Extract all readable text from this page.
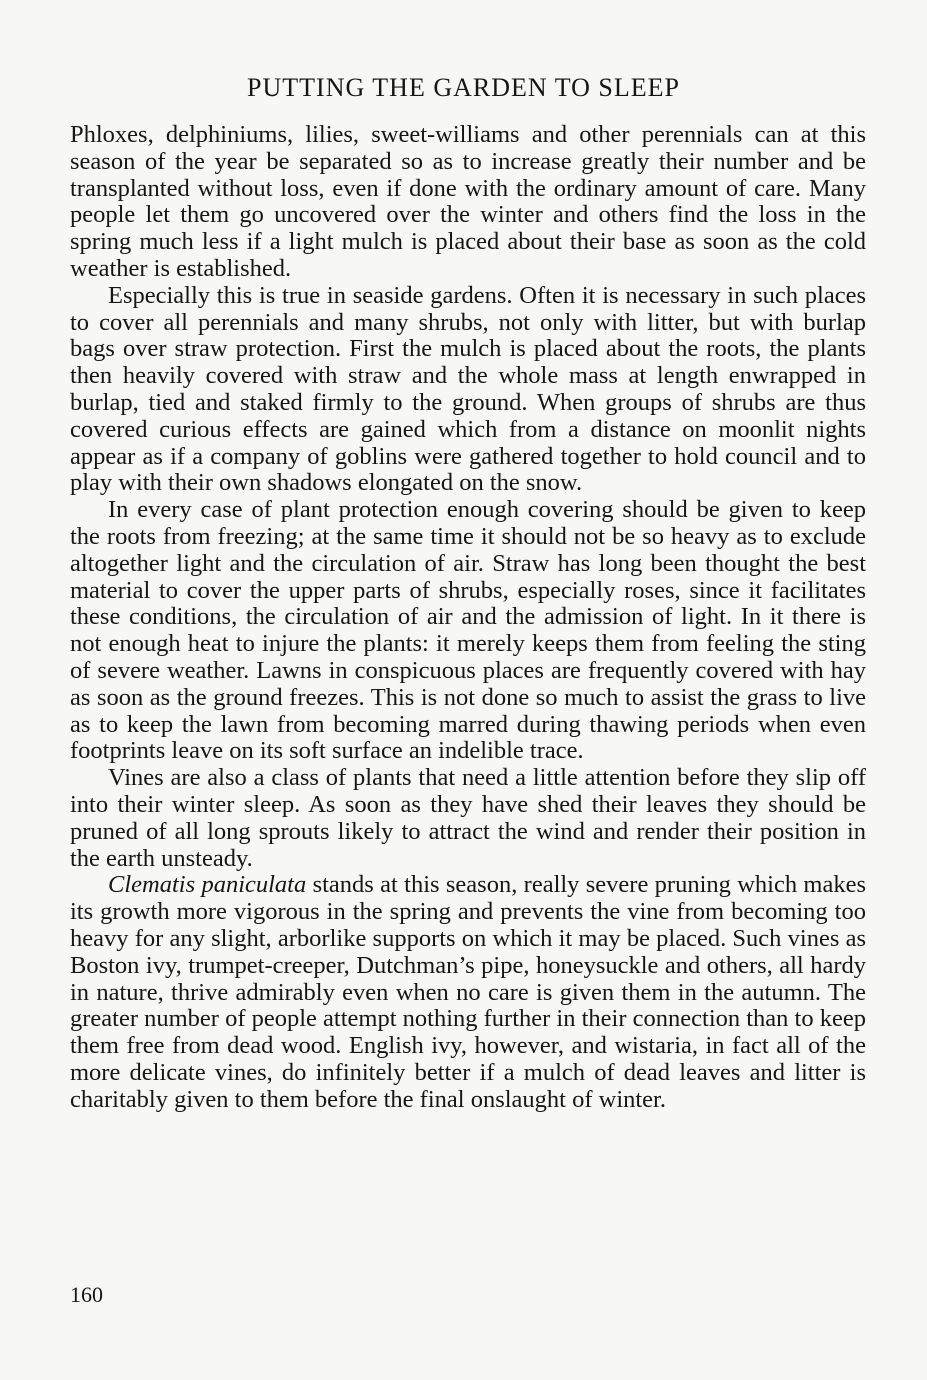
PUTTING THE GARDEN TO SLEEP

Phloxes, delphiniums, lilies, sweet-williams and other perennials can at this season of the year be separated so as to increase greatly their number and be transplanted without loss, even if done with the ordinary amount of care. Many people let them go uncovered over the winter and others find the loss in the spring much less if a light mulch is placed about their base as soon as the cold weather is established.

Especially this is true in seaside gardens. Often it is necessary in such places to cover all perennials and many shrubs, not only with litter, but with burlap bags over straw protection. First the mulch is placed about the roots, the plants then heavily covered with straw and the whole mass at length enwrapped in burlap, tied and staked firmly to the ground. When groups of shrubs are thus covered curious effects are gained which from a distance on moonlit nights appear as if a company of goblins were gathered together to hold council and to play with their own shadows elongated on the snow.

In every case of plant protection enough covering should be given to keep the roots from freezing; at the same time it should not be so heavy as to exclude altogether light and the circulation of air. Straw has long been thought the best material to cover the upper parts of shrubs, especially roses, since it facilitates these conditions, the circulation of air and the admission of light. In it there is not enough heat to injure the plants: it merely keeps them from feeling the sting of severe weather. Lawns in conspicuous places are frequently covered with hay as soon as the ground freezes. This is not done so much to assist the grass to live as to keep the lawn from becoming marred during thawing periods when even footprints leave on its soft surface an indelible trace.

Vines are also a class of plants that need a little attention before they slip off into their winter sleep. As soon as they have shed their leaves they should be pruned of all long sprouts likely to attract the wind and render their position in the earth unsteady.

Clematis paniculata stands at this season, really severe pruning which makes its growth more vigorous in the spring and prevents the vine from becoming too heavy for any slight, arborlike supports on which it may be placed. Such vines as Boston ivy, trumpet-creeper, Dutchman’s pipe, honeysuckle and others, all hardy in nature, thrive admirably even when no care is given them in the autumn. The greater number of people attempt nothing further in their connection than to keep them free from dead wood. English ivy, however, and wistaria, in fact all of the more delicate vines, do infinitely better if a mulch of dead leaves and litter is charitably given to them before the final onslaught of winter.

160
